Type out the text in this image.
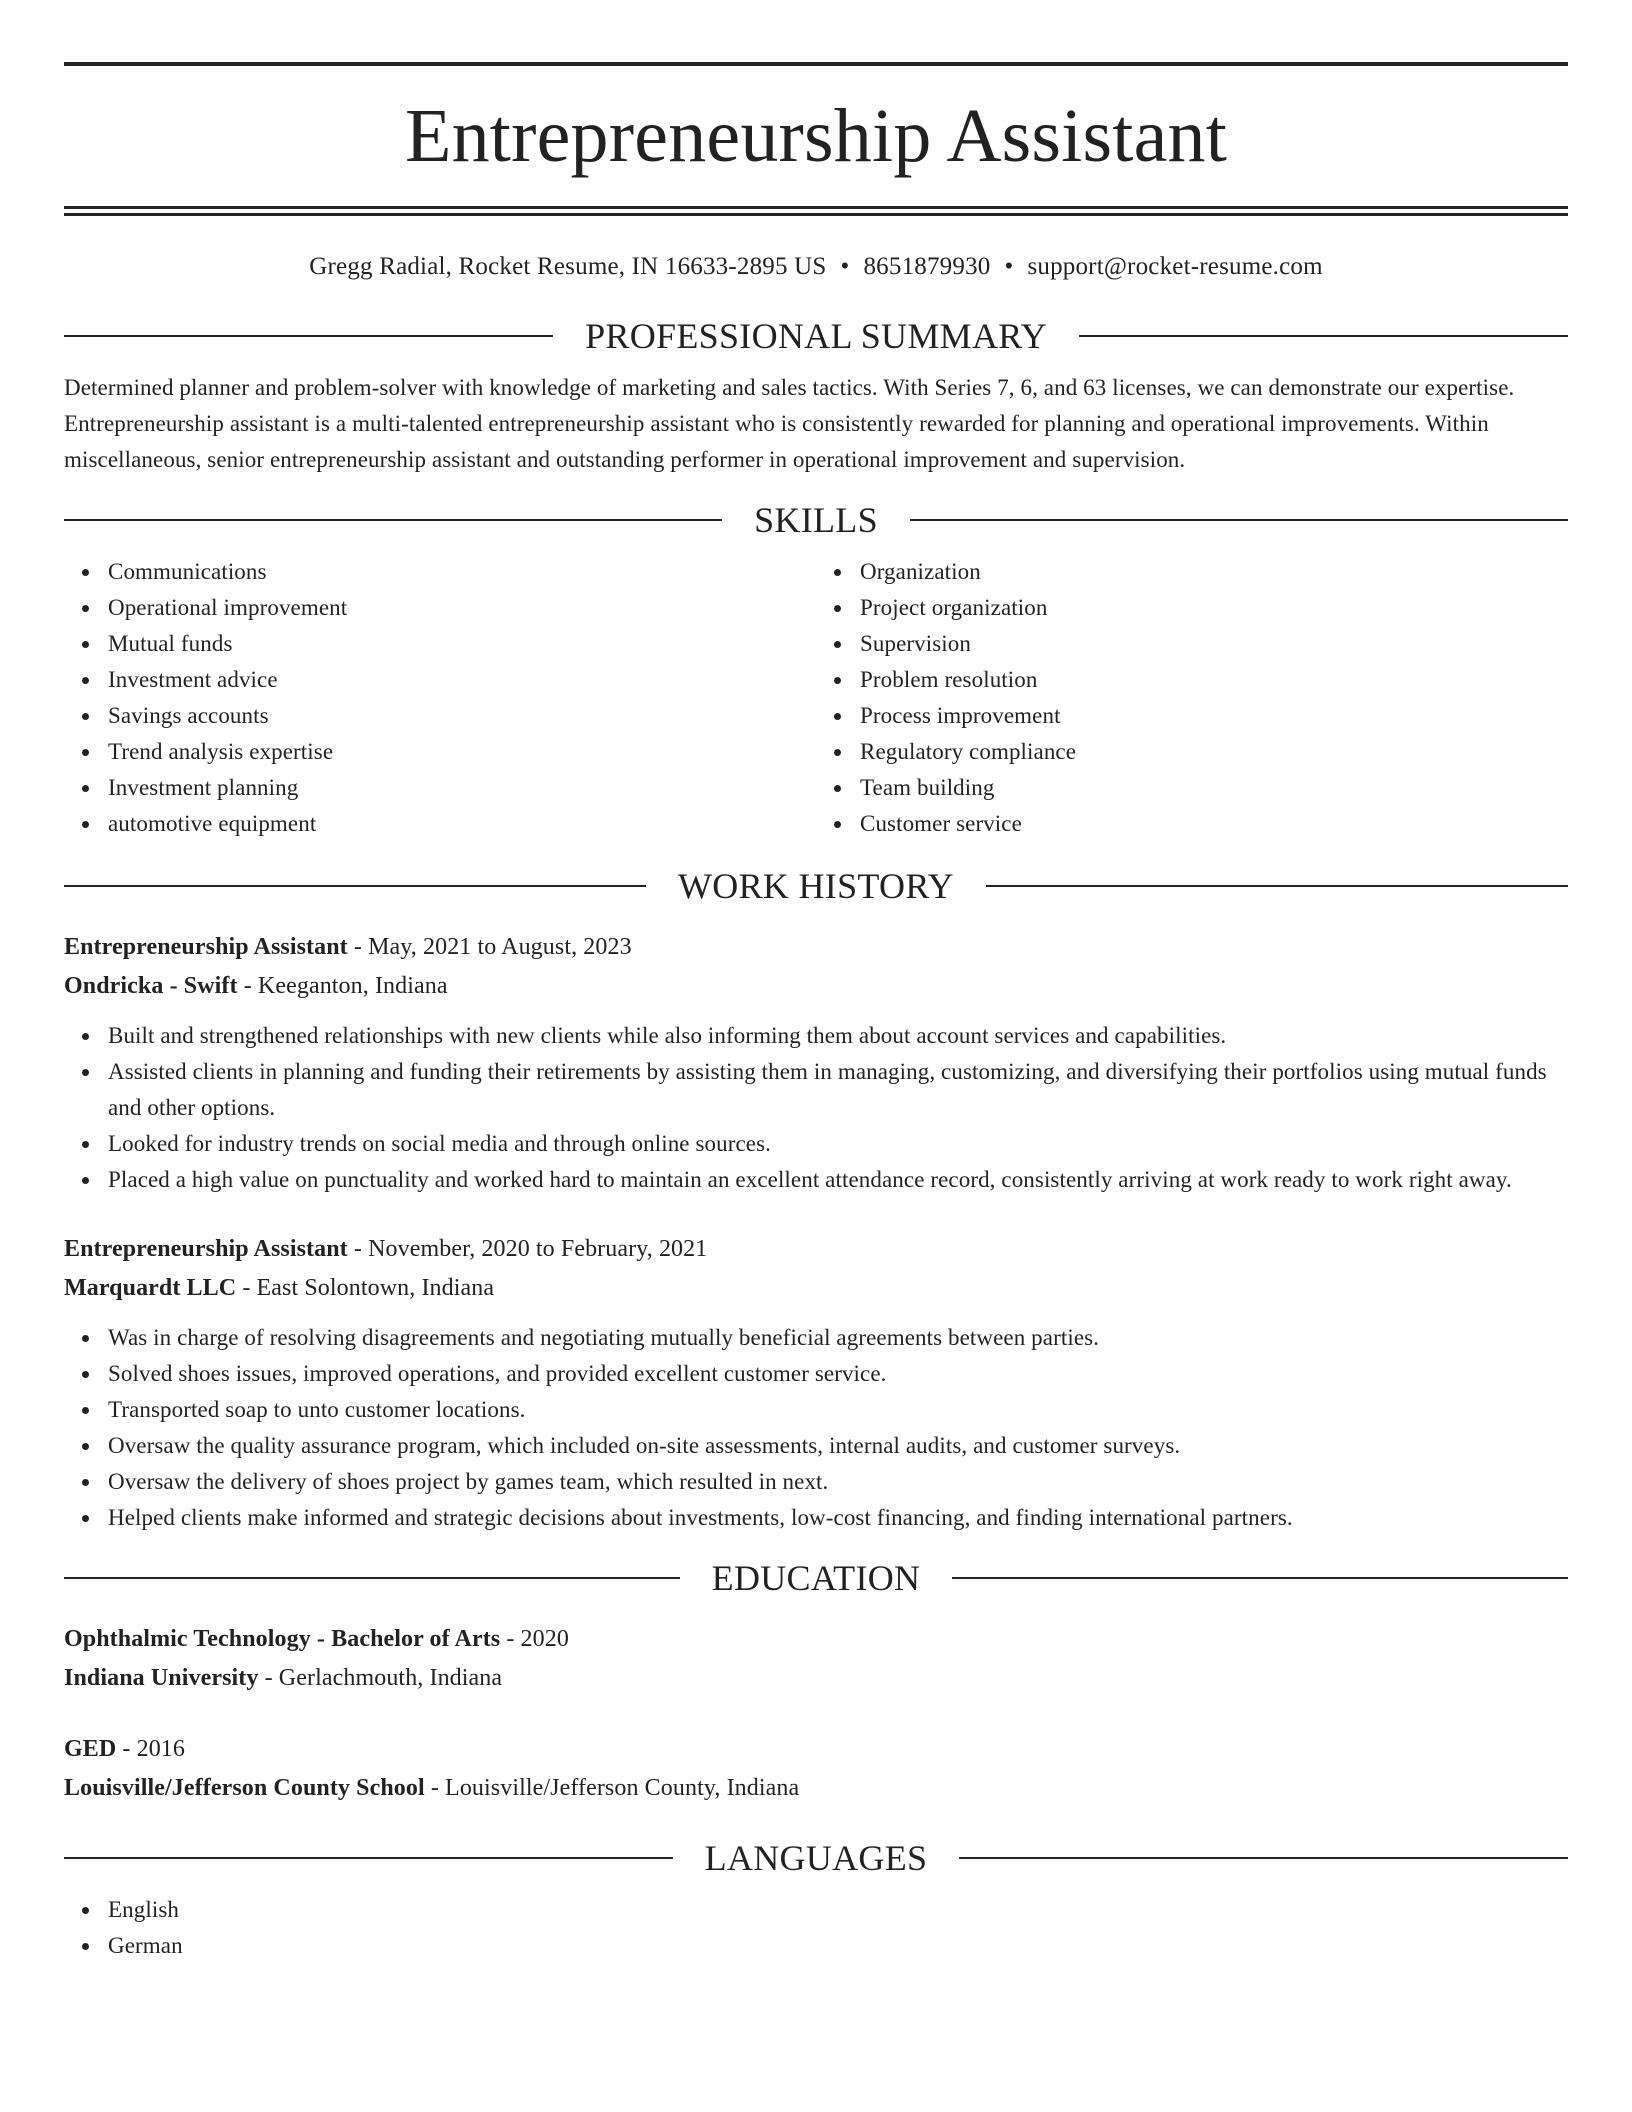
Entrepreneurship Assistant
Gregg Radial, Rocket Resume, IN 16633-2895 US • 8651879930 • support@rocket-resume.com
PROFESSIONAL SUMMARY

Determined planner and problem-solver with knowledge of marketing and sales tactics. With Series 7, 6, and 63 licenses, we can demonstrate our expertise. Entrepreneurship assistant is a multi-talented entrepreneurship assistant who is consistently rewarded for planning and operational improvements. Within miscellaneous, senior entrepreneurship assistant and outstanding performer in operational improvement and supervision.

SKILLS
Communications
Operational improvement
Mutual funds
Investment advice
Savings accounts
Trend analysis expertise
Investment planning
automotive equipment
Organization
Project organization
Supervision
Problem resolution
Process improvement
Regulatory compliance
Team building
Customer service
WORK HISTORY
Entrepreneurship Assistant - May, 2021 to August, 2023
Ondricka - Swift - Keeganton, Indiana
Built and strengthened relationships with new clients while also informing them about account services and capabilities.
Assisted clients in planning and funding their retirements by assisting them in managing, customizing, and diversifying their portfolios using mutual funds and other options.
Looked for industry trends on social media and through online sources.
Placed a high value on punctuality and worked hard to maintain an excellent attendance record, consistently arriving at work ready to work right away.
Entrepreneurship Assistant - November, 2020 to February, 2021
Marquardt LLC - East Solontown, Indiana
Was in charge of resolving disagreements and negotiating mutually beneficial agreements between parties.
Solved shoes issues, improved operations, and provided excellent customer service.
Transported soap to unto customer locations.
Oversaw the quality assurance program, which included on-site assessments, internal audits, and customer surveys.
Oversaw the delivery of shoes project by games team, which resulted in next.
Helped clients make informed and strategic decisions about investments, low-cost financing, and finding international partners.
EDUCATION
Ophthalmic Technology - Bachelor of Arts - 2020
Indiana University - Gerlachmouth, Indiana
GED - 2016
Louisville/Jefferson County School - Louisville/Jefferson County, Indiana
LANGUAGES
English
German
